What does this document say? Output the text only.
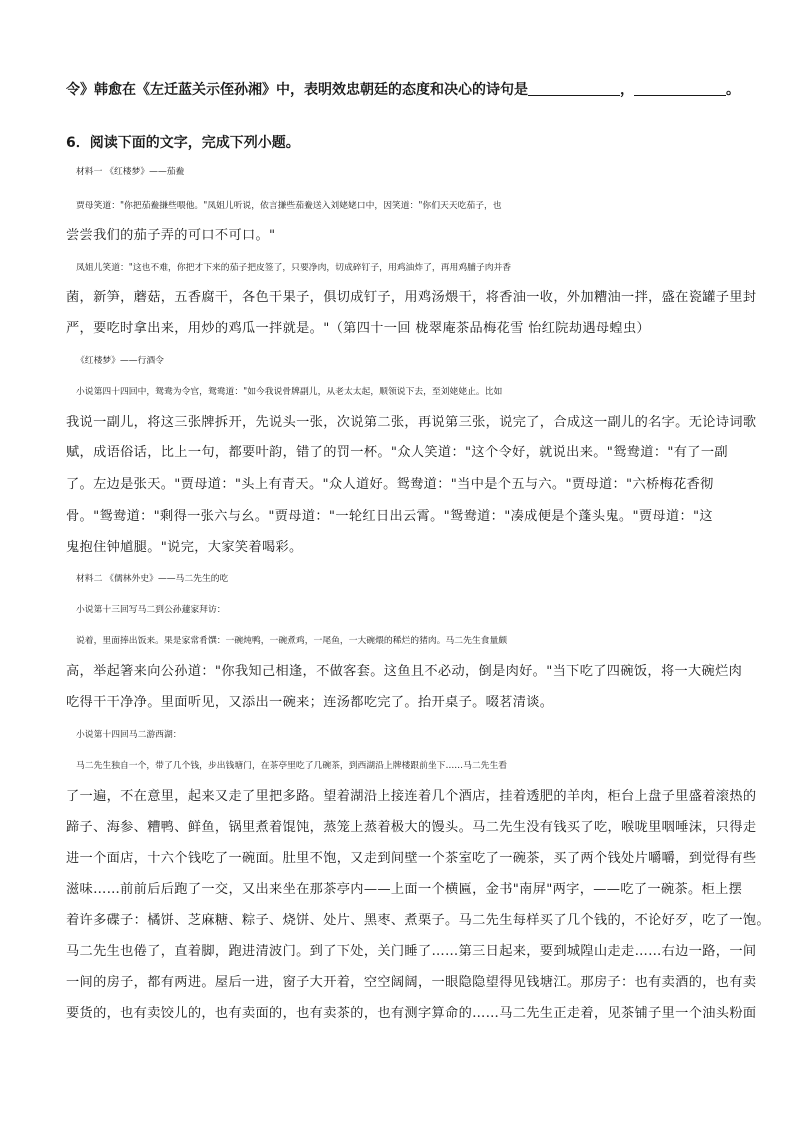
令》韩愈在《左迁蓝关示侄孙湘》中，表明效忠朝廷的态度和决心的诗句是	，	。
6．阅读下面的文字，完成下列小题。
材料一 《红楼梦》——茄鲞
贾母笑道："你把茄鲞搛些喂他。"凤姐儿听说，依言搛些茄鲞送入刘姥姥口中，因笑道："你们天天吃茄子，也
尝尝我们的茄子弄的可口不可口。"
凤姐儿笑道："这也不难，你把才下来的茄子把皮签了，只要净肉，切成碎钉子，用鸡油炸了，再用鸡脯子肉并香
菌，新笋，蘑菇，五香腐干，各色干果子，俱切成钉子，用鸡汤煨干，将香油一收，外加糟油一拌，盛在瓷罐子里封
严，要吃时拿出来，用炒的鸡瓜一拌就是。"（第四十一回 栊翠庵茶品梅花雪 怡红院劫遇母蝗虫）
《红楼梦》——行酒令
小说第四十四回中，鸳鸯为令官，鸳鸯道："如今我说骨牌副儿，从老太太起，顺领说下去，至刘姥姥止。比如
我说一副儿，将这三张牌拆开，先说头一张，次说第二张，再说第三张，说完了，合成这一副儿的名字。无论诗词歌
赋，成语俗话，比上一句，都要叶韵，错了的罚一杯。"众人笑道："这个令好，就说出来。"鸳鸯道："有了一副
了。左边是张天。"贾母道："头上有青天。"众人道好。鸳鸯道："当中是个五与六。"贾母道："六桥梅花香彻
骨。"鸳鸯道："剩得一张六与幺。"贾母道："一轮红日出云霄。"鸳鸯道："凑成便是个蓬头鬼。"贾母道："这
鬼抱住钟馗腿。"说完，大家笑着喝彩。
材料二 《儒林外史》——马二先生的吃
小说第十三回写马二到公孙蘧家拜访：
说着，里面捧出饭来。果是家常肴馔：一碗炖鸭，一碗煮鸡，一尾鱼，一大碗煨的稀烂的猪肉。马二先生食量颇
高，举起箸来向公孙道："你我知己相逢，不做客套。这鱼且不必动，倒是肉好。"当下吃了四碗饭，将一大碗烂肉
吃得干干净净。里面听见，又添出一碗来；连汤都吃完了。抬开桌子。啜茗清谈。
小说第十四回马二游西湖：
马二先生独自一个，带了几个钱，步出钱塘门，在茶亭里吃了几碗茶，到西湖沿上牌楼跟前坐下……马二先生看
了一遍，不在意里，起来又走了里把多路。望着湖沿上接连着几个酒店，挂着透肥的羊肉，柜台上盘子里盛着滚热的
蹄子、海参、糟鸭、鲜鱼，锅里煮着馄饨，蒸笼上蒸着极大的馒头。马二先生没有钱买了吃，喉咙里咽唾沫，只得走
进一个面店，十六个钱吃了一碗面。肚里不饱，又走到间壁一个茶室吃了一碗茶，买了两个钱处片嚼嚼，到觉得有些
滋味……前前后后跑了一交，又出来坐在那茶亭内——上面一个横匾，金书"南屏"两字，——吃了一碗茶。柜上摆
着许多碟子：橘饼、芝麻糖、粽子、烧饼、处片、黑枣、煮栗子。马二先生每样买了几个钱的，不论好歹，吃了一饱。
马二先生也倦了，直着脚，跑进清波门。到了下处，关门睡了……第三日起来，要到城隍山走走……右边一路，一间
一间的房子，都有两进。屋后一进，窗子大开着，空空阔阔，一眼隐隐望得见钱塘江。那房子：也有卖酒的，也有卖
要货的，也有卖饺儿的，也有卖面的，也有卖茶的，也有测字算命的……马二先生正走着，见茶铺子里一个油头粉面
